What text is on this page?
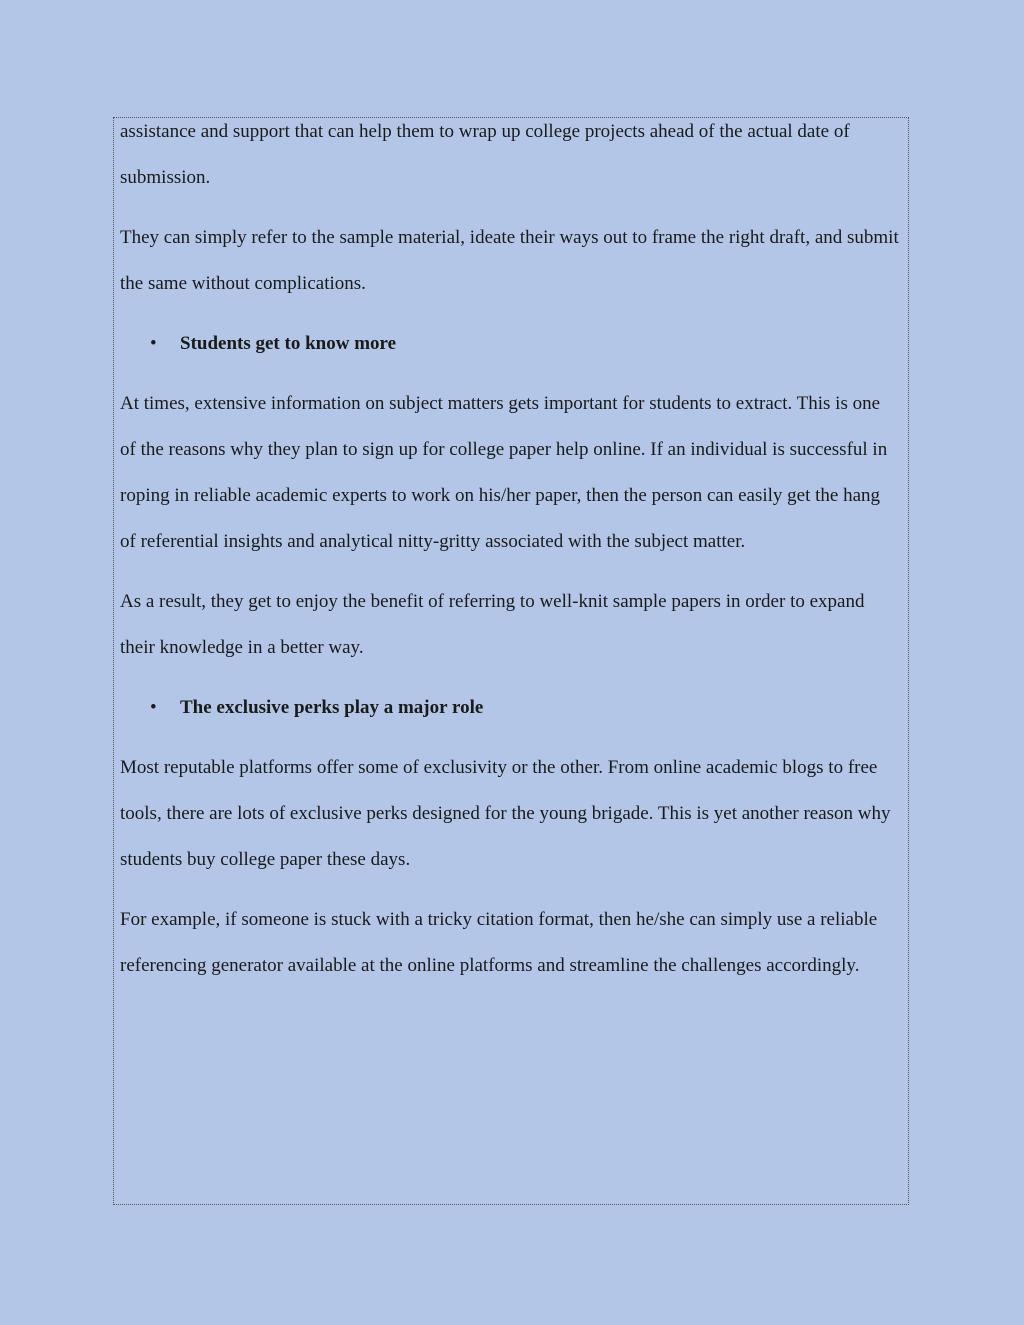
assistance and support that can help them to wrap up college projects ahead of the actual date of submission.

They can simply refer to the sample material, ideate their ways out to frame the right draft, and submit the same without complications.

• Students get to know more

At times, extensive information on subject matters gets important for students to extract. This is one of the reasons why they plan to sign up for college paper help online. If an individual is successful in roping in reliable academic experts to work on his/her paper, then the person can easily get the hang of referential insights and analytical nitty-gritty associated with the subject matter.

As a result, they get to enjoy the benefit of referring to well-knit sample papers in order to expand their knowledge in a better way.

• The exclusive perks play a major role

Most reputable platforms offer some of exclusivity or the other. From online academic blogs to free tools, there are lots of exclusive perks designed for the young brigade. This is yet another reason why students buy college paper these days.

For example, if someone is stuck with a tricky citation format, then he/she can simply use a reliable referencing generator available at the online platforms and streamline the challenges accordingly.
